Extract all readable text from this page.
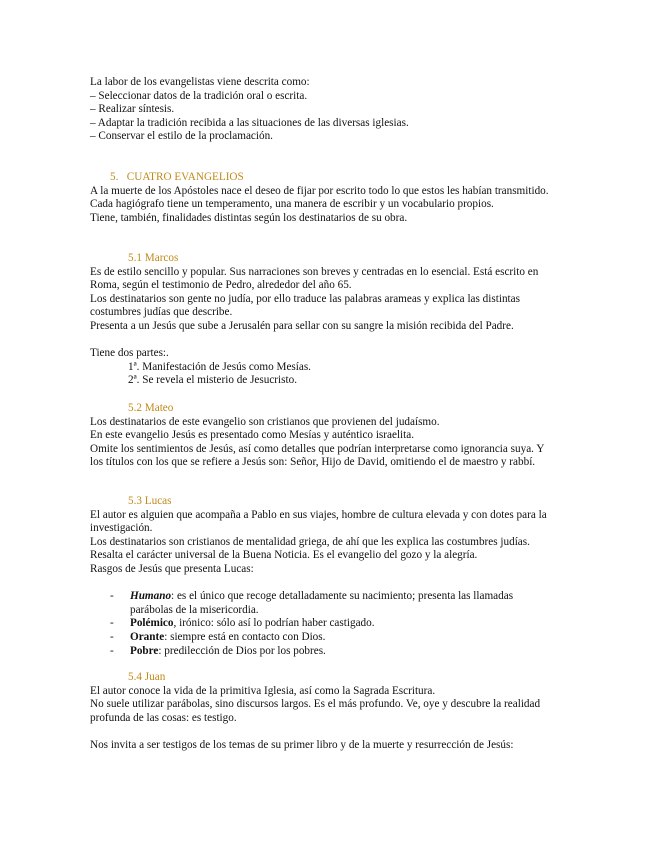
La labor de los evangelistas viene descrita como:
– Seleccionar datos de la tradición oral o escrita.
– Realizar síntesis.
– Adaptar la tradición recibida a las situaciones de las diversas iglesias.
– Conservar el estilo de la proclamación.
5.   CUATRO EVANGELIOS
A la muerte de los Apóstoles nace el deseo de fijar por escrito todo lo que estos les habían transmitido.
Cada hagiógrafo tiene un temperamento, una manera de escribir y un vocabulario propios.
Tiene, también, finalidades distintas según los destinatarios de su obra.
5.1 Marcos
Es de estilo sencillo y popular. Sus narraciones son breves y centradas en lo esencial. Está escrito en Roma, según el testimonio de Pedro, alrededor del año 65.
Los destinatarios son gente no judía, por ello traduce las palabras arameas y explica las distintas costumbres judías que describe.
Presenta a un Jesús que sube a Jerusalén para sellar con su sangre la misión recibida del Padre.
Tiene dos partes:.
1ª. Manifestación de Jesús como Mesías.
2ª. Se revela el misterio de Jesucristo.
5.2 Mateo
Los destinatarios de este evangelio son cristianos que provienen del judaísmo.
En este evangelio Jesús es presentado como Mesías y auténtico israelita.
Omite los sentimientos de Jesús, así como detalles que podrían interpretarse como ignorancia suya. Y los títulos con los que se refiere a Jesús son: Señor, Hijo de David, omitiendo el de maestro y rabbí.
5.3 Lucas
El autor es alguien que acompaña a Pablo en sus viajes, hombre de cultura elevada y con dotes para la investigación.
Los destinatarios son cristianos de mentalidad griega, de ahí que les explica las costumbres judías. Resalta el carácter universal de la Buena Noticia. Es el evangelio del gozo y la alegría.
Rasgos de Jesús que presenta Lucas:
- Humano: es el único que recoge detalladamente su nacimiento; presenta las llamadas parábolas de la misericordia.
- Polémico, irónico: sólo así lo podrían haber castigado.
- Orante: siempre está en contacto con Dios.
- Pobre: predilección de Dios por los pobres.
5.4 Juan
El autor conoce la vida de la primitiva Iglesia, así como la Sagrada Escritura.
No suele utilizar parábolas, sino discursos largos. Es el más profundo. Ve, oye y descubre la realidad profunda de las cosas: es testigo.
Nos invita a ser testigos de los temas de su primer libro y de la muerte y resurrección de Jesús:
